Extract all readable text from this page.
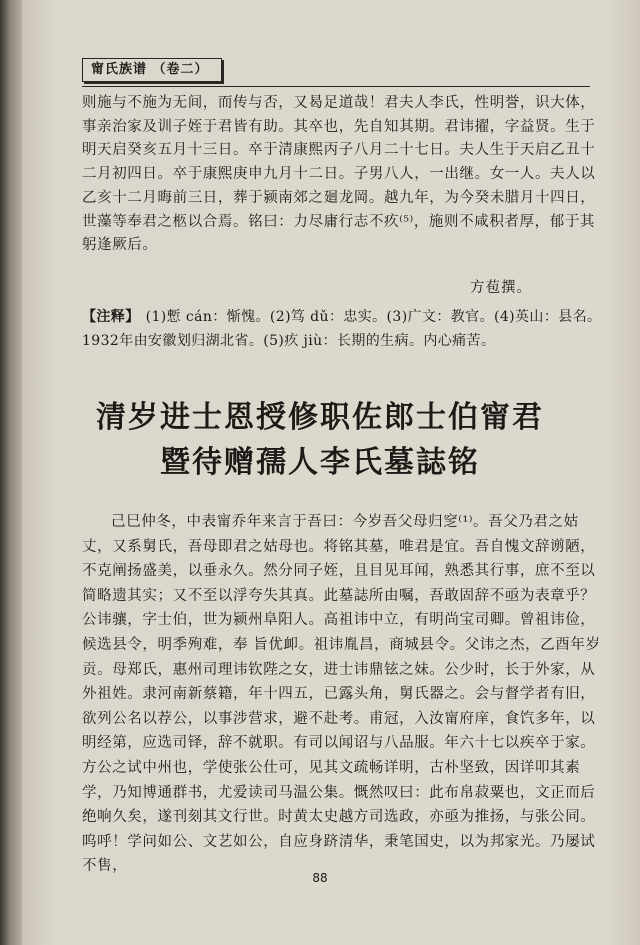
甯氏族谱 （卷二）

则施与不施为无间，而传与否，又曷足道哉！君夫人李氏，性明誉，识大体，事亲治家及训子姪于君皆有助。其卒也，先自知其期。君讳擢，字益贤。生于明天启癸亥五月十三日。卒于清康熙丙子八月二十七日。夫人生于天启乙丑十二月初四日。卒于康熙庚申九月十二日。子男八人，一出继。女一人。夫人以乙亥十二月晦前三日，葬于颍南郊之廻龙岡。越九年，为今癸未腊月十四日，世藻等奉君之柩以合焉。铭曰：力尽庸行志不疚⁽⁵⁾，施则不咸积者厚，郁于其躬逢厥后。

方苞撰。
【注释】 (1)慙 cán：惭愧。(2)笃 dǔ：忠实。(3)广文：教官。(4)英山：县名。1932年由安徽划归湖北省。(5)疚 jiù：长期的生病。内心痛苦。
清岁进士恩授修职佐郎士伯甯君
暨待赠孺人李氏墓誌铭

己巳仲冬，中表甯乔年来言于吾曰：今岁吾父母归窆⁽¹⁾。吾父乃君之姑丈，又系舅氏，吾母即君之姑母也。将铭其墓，唯君是宜。吾自愧文辞谫陋，不克阐扬盛美，以垂永久。然分同子姪，且目见耳闻，熟悉其行事，庶不至以简略遗其实；又不至以浮夸失其真。此墓誌所由嘱，吾敢固辞不亟为表章乎？公讳骧，字士伯，世为颍州阜阳人。高祖讳中立，有明尚宝司卿。曾祖讳俭，候选县令，明季殉难，奉 旨优卹。祖讳胤昌，商城县令。父讳之杰，乙酉年岁贡。母郑氏，惠州司理讳钦陛之女，进士讳鼎铉之妹。公少时，长于外家，从外祖姓。隶河南新蔡籍，年十四五，已露头角，舅氏器之。会与督学者有旧，欲列公名以荐公，以事涉营求，避不赴考。甫冠，入汝甯府庠，食饩多年，以明经第，应选司铎，辞不就职。有司以闻诏与八品服。年六十七以疾卒于家。方公之试中州也，学使张公仕可，见其文疏畅详明，古朴坚致，因详叩其素学，乃知博通群书，尤爱读司马温公集。慨然叹曰：此布帛菽粟也，文正而后绝响久矣，遂刊刻其文行世。时黄太史越方司选政，亦亟为推扬，与张公同。呜呼！学问如公、文艺如公，自应身跻清华，秉笔国史，以为邦家光。乃屡试不售，

88
